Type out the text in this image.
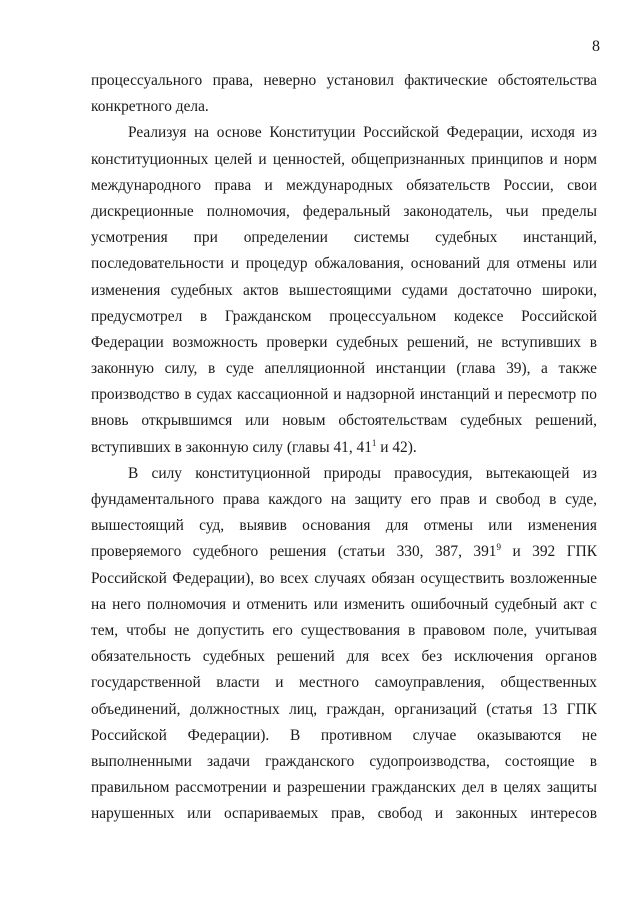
8
процессуального права, неверно установил фактические обстоятельства
конкретного дела.
Реализуя на основе Конституции Российской Федерации, исходя из
конституционных целей и ценностей, общепризнанных принципов и норм
международного права и международных обязательств России, свои
дискреционные полномочия, федеральный законодатель, чьи пределы
усмотрения при определении системы судебных инстанций,
последовательности и процедур обжалования, оснований для отмены или
изменения судебных актов вышестоящими судами достаточно широки,
предусмотрел в Гражданском процессуальном кодексе Российской
Федерации возможность проверки судебных решений, не вступивших в
законную силу, в суде апелляционной инстанции (глава 39), а также
производство в судах кассационной и надзорной инстанций и пересмотр по
вновь открывшимся или новым обстоятельствам судебных решений,
вступивших в законную силу (главы 41, $41^1$ и 42).
В силу конституционной природы правосудия, вытекающей из
фундаментального права каждого на защиту его прав и свобод в суде,
вышестоящий суд, выявив основания для отмены или изменения
проверяемого судебного решения (статьи 330, 387, $391^9$ и 392 ГПК
Российской Федерации), во всех случаях обязан осуществить возложенные
на него полномочия и отменить или изменить ошибочный судебный акт с
тем, чтобы не допустить его существования в правовом поле, учитывая
обязательность судебных решений для всех без исключения органов
государственной власти и местного самоуправления, общественных
объединений, должностных лиц, граждан, организаций (статья 13 ГПК
Российской Федерации). В противном случае оказываются не
выполненными задачи гражданского судопроизводства, состоящие в
правильном рассмотрении и разрешении гражданских дел в целях защиты
нарушенных или оспариваемых прав, свобод и законных интересов
